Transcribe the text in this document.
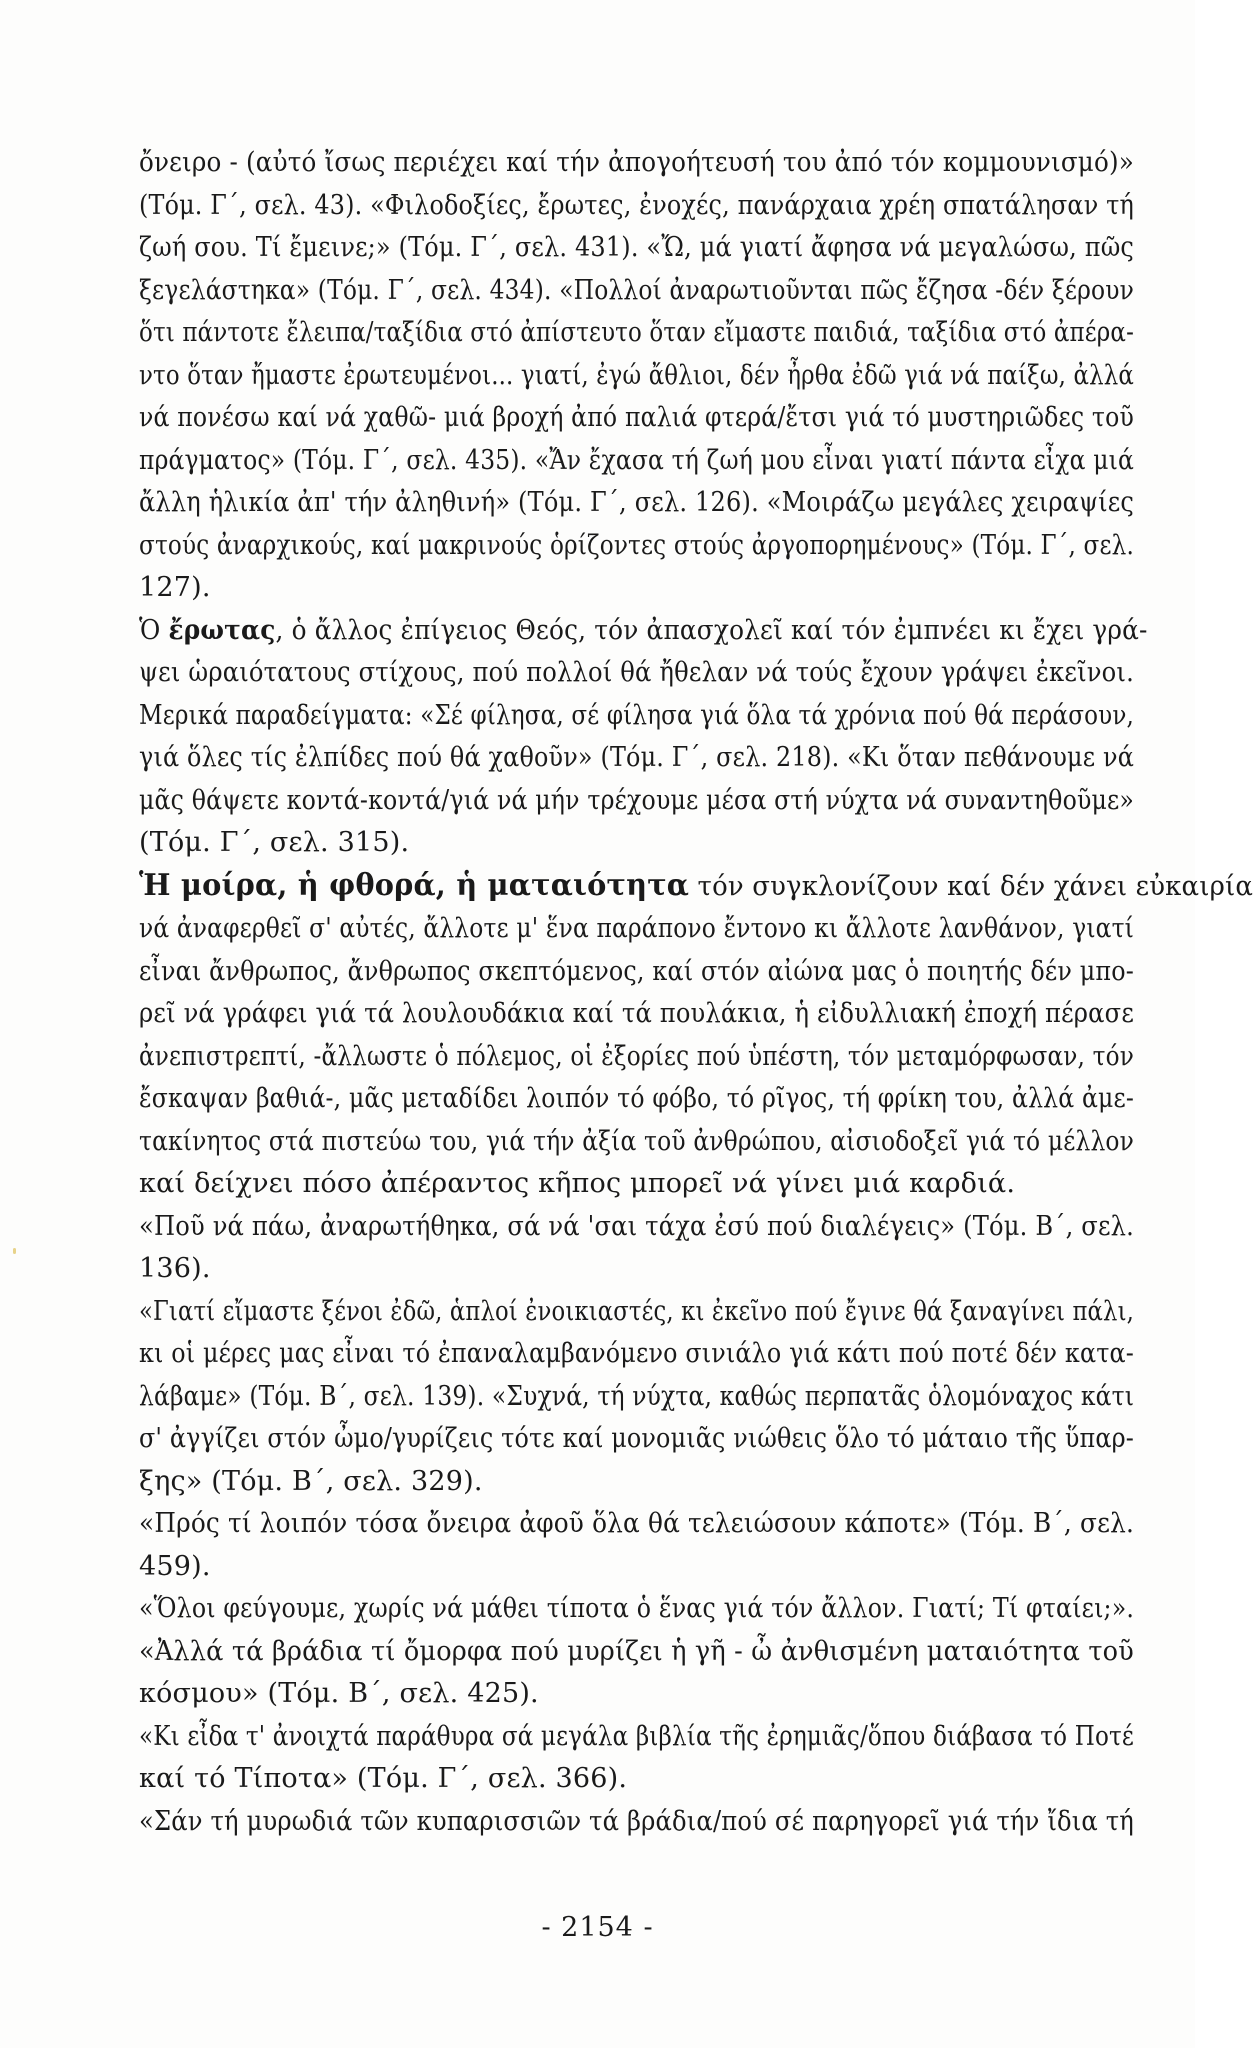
ὄνειρο - (αὐτό ἴσως περιέχει καί τήν ἀπογοήτευσή του ἀπό τόν κομμουνισμό)»
(Τόμ. Γ΄, σελ. 43). «Φιλοδοξίες, ἔρωτες, ἐνοχές, πανάρχαια χρέη σπατάλησαν τή
ζωή σου. Τί ἔμεινε;» (Τόμ. Γ΄, σελ. 431). «Ὤ, μά γιατί ἄφησα νά μεγαλώσω, πῶς
ξεγελάστηκα» (Τόμ. Γ΄, σελ. 434). «Πολλοί ἀναρωτιοῦνται πῶς ἔζησα -δέν ξέρουν
ὅτι πάντοτε ἔλειπα/ταξίδια στό ἀπίστευτο ὅταν εἴμαστε παιδιά, ταξίδια στό ἀπέρα-
ντο ὅταν ἤμαστε ἐρωτευμένοι... γιατί, ἐγώ ἄθλιοι, δέν ἦρθα ἐδῶ γιά νά παίξω, ἀλλά
νά πονέσω καί νά χαθῶ- μιά βροχή ἀπό παλιά φτερά/ἔτσι γιά τό μυστηριῶδες τοῦ
πράγματος» (Τόμ. Γ΄, σελ. 435). «Ἄν ἔχασα τή ζωή μου εἶναι γιατί πάντα εἶχα μιά
ἄλλη ἡλικία ἀπ' τήν ἀληθινή» (Τόμ. Γ΄, σελ. 126). «Μοιράζω μεγάλες χειραψίες
στούς ἀναρχικούς, καί μακρινούς ὁρίζοντες στούς ἀργοπορημένους» (Τόμ. Γ΄, σελ.
127).
Ὁ ἔρωτας, ὁ ἄλλος ἐπίγειος Θεός, τόν ἀπασχολεῖ καί τόν ἐμπνέει κι ἔχει γρά-
ψει ὡραιότατους στίχους, πού πολλοί θά ἤθελαν νά τούς ἔχουν γράψει ἐκεῖνοι.
Μερικά παραδείγματα: «Σέ φίλησα, σέ φίλησα γιά ὅλα τά χρόνια πού θά περάσουν,
γιά ὅλες τίς ἐλπίδες πού θά χαθοῦν» (Τόμ. Γ΄, σελ. 218). «Κι ὅταν πεθάνουμε νά
μᾶς θάψετε κοντά-κοντά/γιά νά μήν τρέχουμε μέσα στή νύχτα νά συναντηθοῦμε»
(Τόμ. Γ΄, σελ. 315).
Ἡ μοίρα, ἡ φθορά, ἡ ματαιότητα τόν συγκλονίζουν καί δέν χάνει εὐκαιρία
νά ἀναφερθεῖ σ' αὐτές, ἄλλοτε μ' ἕνα παράπονο ἔντονο κι ἄλλοτε λανθάνον, γιατί
εἶναι ἄνθρωπος, ἄνθρωπος σκεπτόμενος, καί στόν αἰώνα μας ὁ ποιητής δέν μπο-
ρεῖ νά γράφει γιά τά λουλουδάκια καί τά πουλάκια, ἡ εἰδυλλιακή ἐποχή πέρασε
ἀνεπιστρεπτί, -ἄλλωστε ὁ πόλεμος, οἱ ἐξορίες πού ὑπέστη, τόν μεταμόρφωσαν, τόν
ἔσκαψαν βαθιά-, μᾶς μεταδίδει λοιπόν τό φόβο, τό ρῖγος, τή φρίκη του, ἀλλά ἀμε-
τακίνητος στά πιστεύω του, γιά τήν ἀξία τοῦ ἀνθρώπου, αἰσιοδοξεῖ γιά τό μέλλον
καί δείχνει πόσο ἀπέραντος κῆπος μπορεῖ νά γίνει μιά καρδιά.
«Ποῦ νά πάω, ἀναρωτήθηκα, σά νά 'σαι τάχα ἐσύ πού διαλέγεις» (Τόμ. Β΄, σελ.
136).
«Γιατί εἴμαστε ξένοι ἐδῶ, ἁπλοί ἐνοικιαστές, κι ἐκεῖνο πού ἔγινε θά ξαναγίνει πάλι,
κι οἱ μέρες μας εἶναι τό ἐπαναλαμβανόμενο σινιάλο γιά κάτι πού ποτέ δέν κατα-
λάβαμε» (Τόμ. Β΄, σελ. 139). «Συχνά, τή νύχτα, καθώς περπατᾶς ὁλομόναχος κάτι
σ' ἀγγίζει στόν ὦμο/γυρίζεις τότε καί μονομιᾶς νιώθεις ὅλο τό μάταιο τῆς ὕπαρ-
ξης» (Τόμ. Β΄, σελ. 329).
«Πρός τί λοιπόν τόσα ὄνειρα ἀφοῦ ὅλα θά τελειώσουν κάποτε» (Τόμ. Β΄, σελ.
459).
«Ὅλοι φεύγουμε, χωρίς νά μάθει τίποτα ὁ ἕνας γιά τόν ἄλλον. Γιατί; Τί φταίει;».
«Ἀλλά τά βράδια τί ὄμορφα πού μυρίζει ἡ γῆ - ὦ ἀνθισμένη ματαιότητα τοῦ
κόσμου» (Τόμ. Β΄, σελ. 425).
«Κι εἶδα τ' ἀνοιχτά παράθυρα σά μεγάλα βιβλία τῆς ἐρημιᾶς/ὅπου διάβασα τό Ποτέ
καί τό Τίποτα» (Τόμ. Γ΄, σελ. 366).
«Σάν τή μυρωδιά τῶν κυπαρισσιῶν τά βράδια/πού σέ παρηγορεῖ γιά τήν ἴδια τή
- 2154 -
